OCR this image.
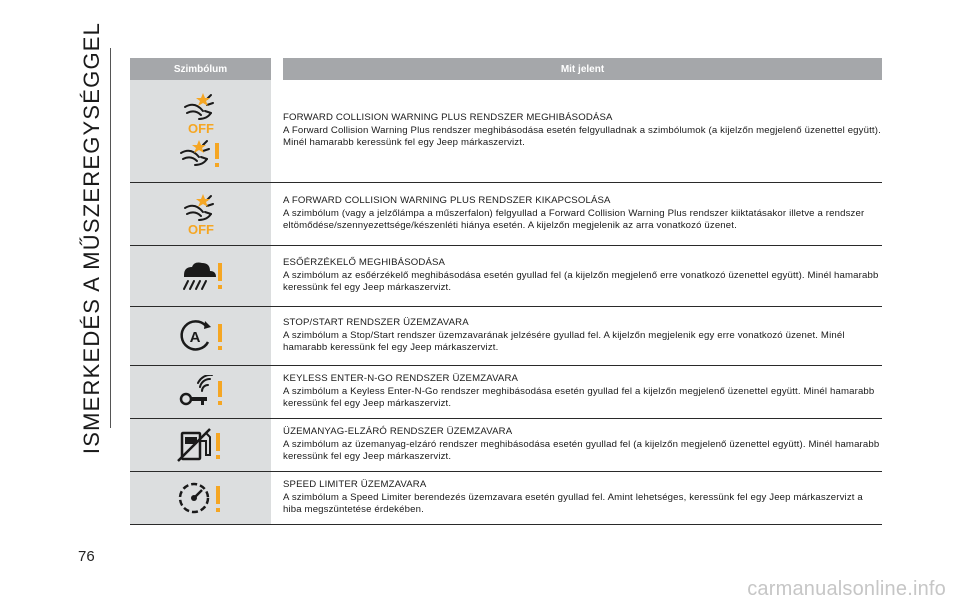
ISMERKEDÉS A MŰSZEREGYSÉGGEL	Szimbólum	Mit jelent
OFF
FORWARD COLLISION WARNING PLUS RENDSZER MEGHIBÁSODÁSA
A Forward Collision Warning Plus rendszer meghibásodása esetén felgyulladnak a szimbólumok (a kijelzőn megjelenő üzenettel együtt). Minél hamarabb keressünk fel egy Jeep márkaszervizt.
OFF
A FORWARD COLLISION WARNING PLUS RENDSZER KIKAPCSOLÁSA
A szimbólum (vagy a jelzőlámpa a műszerfalon) felgyullad a Forward Collision Warning Plus rendszer kiiktatásakor illetve a rendszer eltömődése/szennyezettsége/készenléti hiánya esetén. A kijelzőn megjelenik az arra vonatkozó üzenet.
ESŐÉRZÉKELŐ MEGHIBÁSODÁSA
A szimbólum az esőérzékelő meghibásodása esetén gyullad fel (a kijelzőn megjelenő erre vonatkozó üzenettel együtt). Minél hamarabb keressünk fel egy Jeep márkaszervizt.
A
STOP/START RENDSZER ÜZEMZAVARA
A szimbólum a Stop/Start rendszer üzemzavarának jelzésére gyullad fel. A kijelzőn megjelenik egy erre vonatkozó üzenet. Minél hamarabb keressünk fel egy Jeep márkaszervizt.
KEYLESS ENTER-N-GO RENDSZER ÜZEMZAVARA
A szimbólum a Keyless Enter-N-Go rendszer meghibásodása esetén gyullad fel a kijelzőn megjelenő üzenettel együtt. Minél hamarabb keressünk fel egy Jeep márkaszervizt.
ÜZEMANYAG-ELZÁRÓ RENDSZER ÜZEMZAVARA
A szimbólum az üzemanyag-elzáró rendszer meghibásodása esetén gyullad fel (a kijelzőn megjelenő üzenettel együtt). Minél hamarabb keressünk fel egy Jeep márkaszervizt.
SPEED LIMITER ÜZEMZAVARA
A szimbólum a Speed Limiter berendezés üzemzavara esetén gyullad fel. Amint lehetséges, keressünk fel egy Jeep márkaszervizt a hiba megszüntetése érdekében.
76
carmanualsonline.info
